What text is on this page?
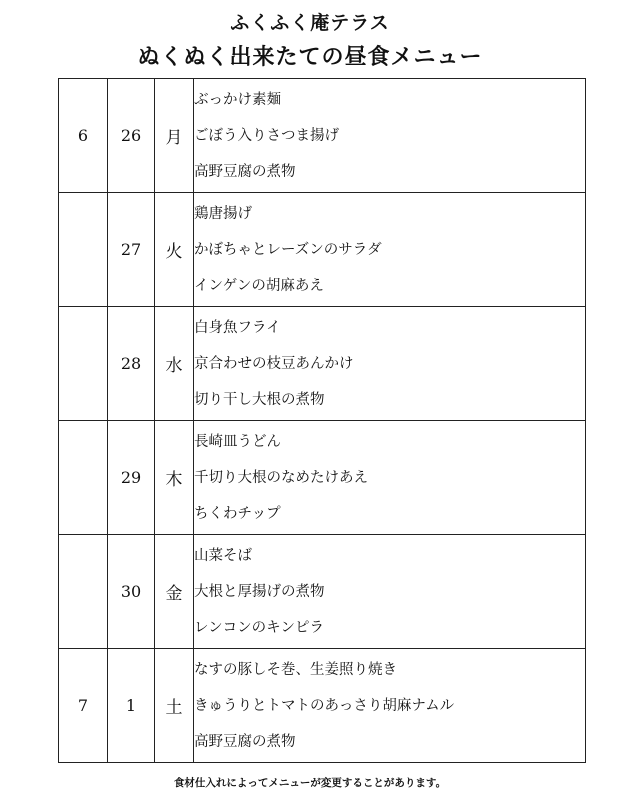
ふくふく庵テラス
ぬくぬく出来たての昼食メニュー
6	26	月	ぶっかけ素麺
ごぼう入りさつま揚げ
高野豆腐の煮物

	27	火	鶏唐揚げ
かぼちゃとレーズンのサラダ
インゲンの胡麻あえ

	28	水	白身魚フライ
京合わせの枝豆あんかけ
切り干し大根の煮物

	29	木	長崎皿うどん
千切り大根のなめたけあえ
ちくわチップ

	30	金	山菜そば
大根と厚揚げの煮物
レンコンのキンピラ

7	1	土	なすの豚しそ巻、生姜照り焼き
きゅうりとトマトのあっさり胡麻ナムル
高野豆腐の煮物
食材仕入れによってメニューが変更することがあります。
